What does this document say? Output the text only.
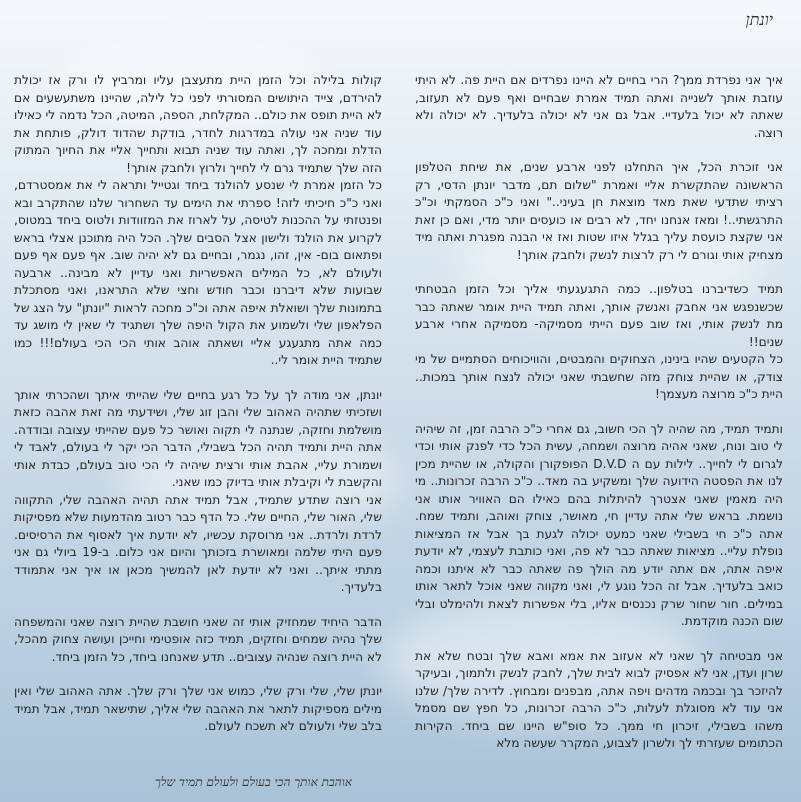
יונתן

איך אני נפרדת ממך? הרי בחיים לא היינו נפרדים אם היית פה. לא היתי עוזבת אותך לשנייה ואתה תמיד אמרת שבחיים ואף פעם לא תעזוב, שאתה לא יכול בלעדיי. אבל גם אני לא יכולה בלעדיך. לא יכולה ולא רוצה.

אני זוכרת הכל, איך התחלנו לפני ארבע שנים, את שיחת הטלפון הראשונה שהתקשרת אליי ואמרת "שלום תם, מדבר יונתן הדסי, רק רציתי שתדעי שאת מאד מוצאת חן בעיני.." ואני כ"כ הסמקתי וכ"כ התרגשתי..! ומאז אנחנו יחד, לא רבים או כועסים יותר מדי, ואם כן זאת אני שקצת כועסת עליך בגלל איזו שטות ואז אי הבנה מפגרת ואתה מיד מצחיק אותי וגורם לי רק לרצות לנשק ולחבק אותך!

תמיד כשדיברנו בטלפון.. כמה התגעגעתי אליך וכל הזמן הבטחתי שכשנפגש אני אחבק ואנשק אותך, ואתה תמיד היית אומר שאתה כבר מת לנשק אותי, ואז שוב פעם הייתי מסמיקה- מסמיקה אחרי ארבע שנים!!

כל הקטעים שהיו בינינו, הצחוקים והמבטים, והוויכוחים הסתמיים של מי צודק, או שהיית צוחק מזה שחשבתי שאני יכולה לנצח אותך במכות.. היית כ"כ מרוצה מעצמך!

ותמיד תמיד, מה שהיה לך הכי חשוב, גם אחרי כ"כ הרבה זמן, זה שיהיה לי טוב ונוח, שאני אהיה מרוצה ושמחה, עשית הכל כדי לפנק אותי וכדי לגרום לי לחייך.. לילות עם ה D.V.D הפופקורן והקולה, או שהיית מכין לנו את הפסטה הידועה שלך ומשקיע בה מאד.. כ"כ הרבה זכרונות.. מי היה מאמין שאני אצטרך להיתלות בהם כאילו הם האוויר אותו אני נושמת. בראש שלי אתה עדיין חי, מאושר, צוחק ואוהב, ותמיד שמח. אתה כ"כ חי בשבילי שאני כמעט יכולה לגעת בך אבל אז המציאות נופלת עליי.. מציאות שאתה כבר לא פה, ואני כותבת לעצמי, לא יודעת איפה אתה, אם אתה יודע מה הולך פה שאתה כבר לא איתנו וכמה כואב בלעדיך. אבל זה הכל נוגע לי, ואני מקווה שאני אוכל לתאר אותו במילים. חור שחור שרק נכנסים אליו, בלי אפשרות לצאת ולהימלט ובלי שום הכנה מוקדמת.

אני מבטיחה לך שאני לא אעזוב את אמא ואבא שלך ובטח שלא את שרון ועדן, אני לא אפסיק לבוא לבית שלך, לחבק לנשק ולתמוך, ובעיקר להיזכר בך ובכמה מדהים ויפה אתה, מבפנים ומבחוץ. לדירה שלך/ שלנו אני עוד לא מסוגלת לעלות, כ"כ הרבה זכרונות, כל חפץ שם מסמל משהו בשבילי, זיכרון חי ממך. כל סופ"ש היינו שם ביחד. הקירות הכתומים שעזרתי לך ולשרון לצבוע, המקרר שעשה מלא

קולות בלילה וכל הזמן היית מתעצבן עליו ומרביץ לו ורק אז יכולת להירדם, צייד היתושים המסורתי לפני כל לילה, שהיינו משתעשעים אם לא היית תופס את כולם.. המקלחת, הספה, המיטה, הכל נדמה לי כאילו עוד שניה אני עולה במדרגות לחדר, בודקת שהדוד דולק, פותחת את הדלת ומחכה לך, ואתה עוד שניה תבוא ותחייך אליי את החיוך המתוק הזה שלך שתמיד גרם לי לחייך ולרוץ ולחבק אותך!

כל הזמן אמרת לי שנסע להולנד ביחד וגטייל ותראה לי את אמסטרדם, ואני כ"כ חיכיתי לזה! ספרתי את הימים עד השחרור שלנו שהתקרב ובא ופנטזתי על ההכנות לטיסה, על לארוז את המזוודות ולטוס ביחד במטוס, לקרוע את הולנד ולישון אצל הסבים שלך. הכל היה מתוכנן אצלי בראש ופתאום בום- אין, זהו, נגמר, ובחיים גם לא יהיה שוב. אף פעם אף פעם ולעולם לא, כל המילים האפשריות ואני עדיין לא מבינה.. ארבעה שבועות שלא דיברנו וכבר חודש וחצי שלא התראנו, ואני מסתכלת בתמונות שלך ושואלת איפה אתה וכ"כ מחכה לראות "יונתן" על הצג של הפלאפון שלי ולשמוע את הקול היפה שלך ושתגיד לי שאין לי מושג עד כמה אתה מתגעגע אליי ושאתה אוהב אותי הכי הכי בעולם!!! כמו שתמיד היית אומר לי..

יונתן, אני מודה לך על כל רגע בחיים שלי שהייתי איתך ושהכרתי אותך ושזכיתי שתהיה האהוב שלי והבן זוג שלי, ושידעתי מה זאת אהבה כזאת מושלמת וחזקה, שנתנה לי תקוה ואושר כל פעם שהייתי עצובה ובודדה. אתה היית ותמיד תהיה הכל בשבילי, הדבר הכי יקר לי בעולם, לאבד לי ושמורת עליי, אהבת אותי ורצית שיהיה לי הכי טוב בעולם, כבדת אותי והקשבת לי וקיבלת אותי בדיוק כמו שאני.

אני רוצה שתדע שתמיד, אבל תמיד אתה תהיה האהבה שלי, התקווה שלי, האור שלי, החיים שלי. כל הדף כבר רטוב מהדמעות שלא מפסיקות לרדת ולרדת.. אני מרוסקת עכשיו, לא יודעת איך לאסוף את הרסיסים. פעם היתי שלמה ומאושרת בזכותך והיום אני כלום. ב-19 ביולי גם אני מתתי איתך.. ואני לא יודעת לאן להמשיך מכאן או איך אני אתמודד בלעדיך.

הדבר היחיד שמחזיק אותי זה שאני חושבת שהיית רוצה שאני והמשפחה שלך נהיה שמחים וחזקים, תמיד כזה אופטימי וחייכן ועושה צחוק מהכל, לא היית רוצה שנהיה עצובים.. תדע שאנחנו ביחד, כל הזמן ביחד.

יונתן שלי, שלי ורק שלי, כמוש אני שלך ורק שלך. אתה האהוב שלי ואין מילים מספיקות לתאר את האהבה שלי אליך, שתישאר תמיד, אבל תמיד בלב שלי ולעולם לא תשכח לעולם.

אוהבת אותך הכי בעולם ולעולם תמיד שלך
